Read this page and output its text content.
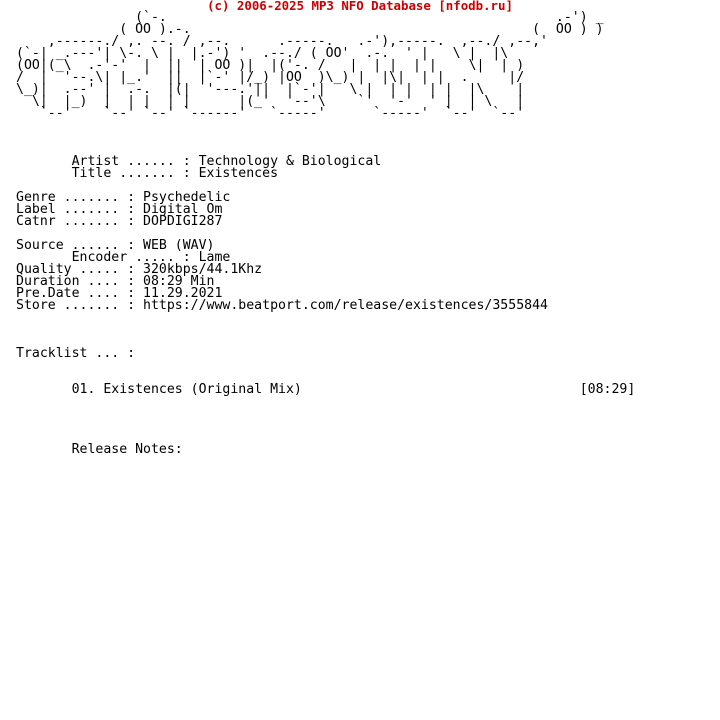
(c) 2006-2025 MP3 NFO Database [nfodb.ru]
(`-.                                                 .-') _
( OO ).-.                                           (  OO ) )
,------./ ,. --. / ,--.      .-----.   .-'),-----.  ,--./ ,--,'
(`-| _.---'| \-. \ |  |.-') '  .--./ ( OO'  .-.  ' |   \ |  |\
(OO|(_\  .-'-'  |  ||  | OO )|  |('-. /   |  | |  | |    \|  | )
/  |  '--.\| |_.'  ||  |`-' |/_) |OO  )\_) |  |\|  | |  .     |/
\_)|  .--' |  .-.  |(|  '---.'||  |`-'|   \ |  | |  | |  |\    |
\|  |_)  |  | |  | |      |(_'  '--'\    `'  '-'  ' |  | \   |
`--'    `--' `--' `------'   `-----'      `-----'  `--'  `--'
Artist ...... : Technology & Biological
Title ....... : Existences
Genre ....... : Psychedelic
Label ....... : Digital Om
Catnr ....... : DOPDIGI287
Source ...... : WEB (WAV)
Encoder ..... : Lame
Quality ..... : 320kbps/44.1Khz
Duration .... : 08:29 Min
Pre.Date .... : 11.29.2021
Store ....... : https://www.beatport.com/release/existences/3555844
Tracklist ... :
01. Existences (Original Mix)                                   [08:29]
Release Notes:
